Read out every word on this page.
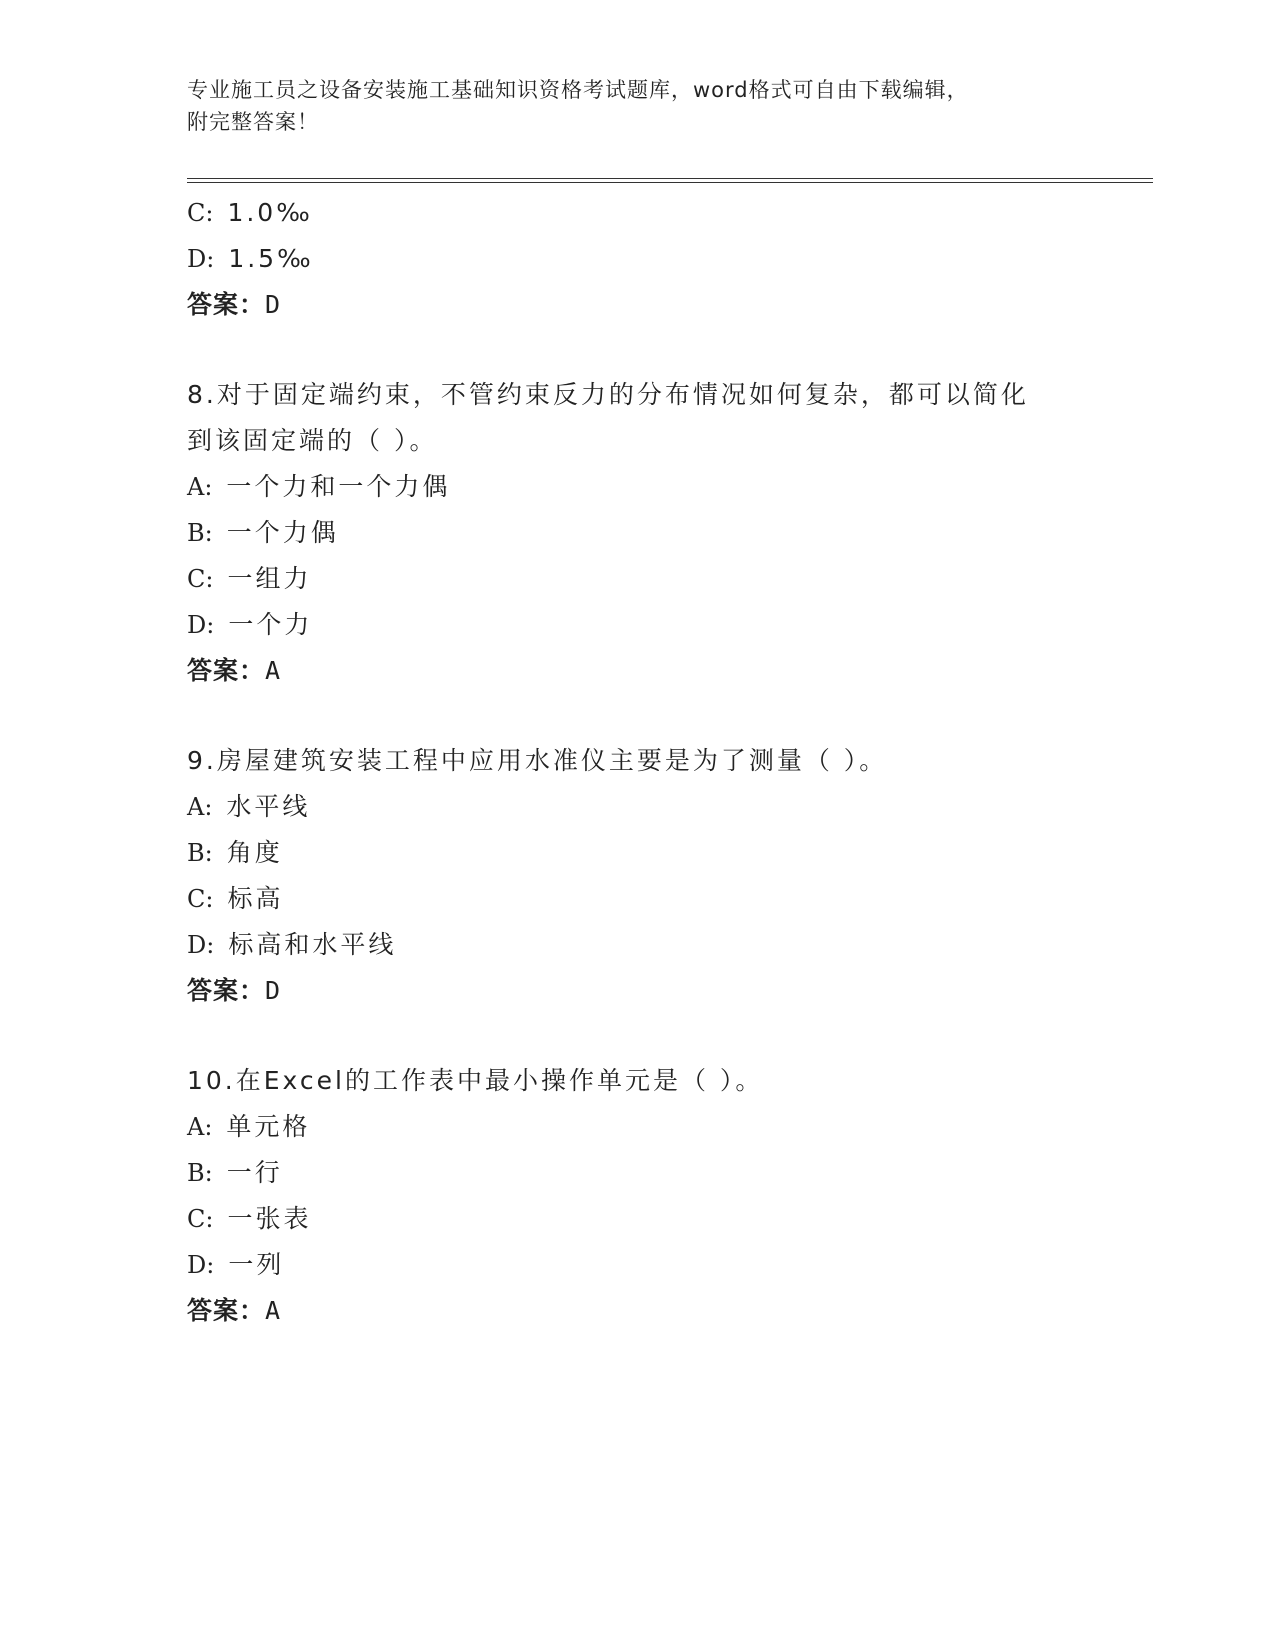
专业施工员之设备安装施工基础知识资格考试题库，word格式可自由下载编辑，
附完整答案！
C: 1.0‰
D: 1.5‰
答案：D
8.对于固定端约束，不管约束反力的分布情况如何复杂，都可以简化
到该固定端的（ ）。
A: 一个力和一个力偶
B: 一个力偶
C: 一组力
D: 一个力
答案：A
9.房屋建筑安装工程中应用水准仪主要是为了测量（ ）。
A: 水平线
B: 角度
C: 标高
D: 标高和水平线
答案：D
10.在Excel的工作表中最小操作单元是（ ）。
A: 单元格
B: 一行
C: 一张表
D: 一列
答案：A
